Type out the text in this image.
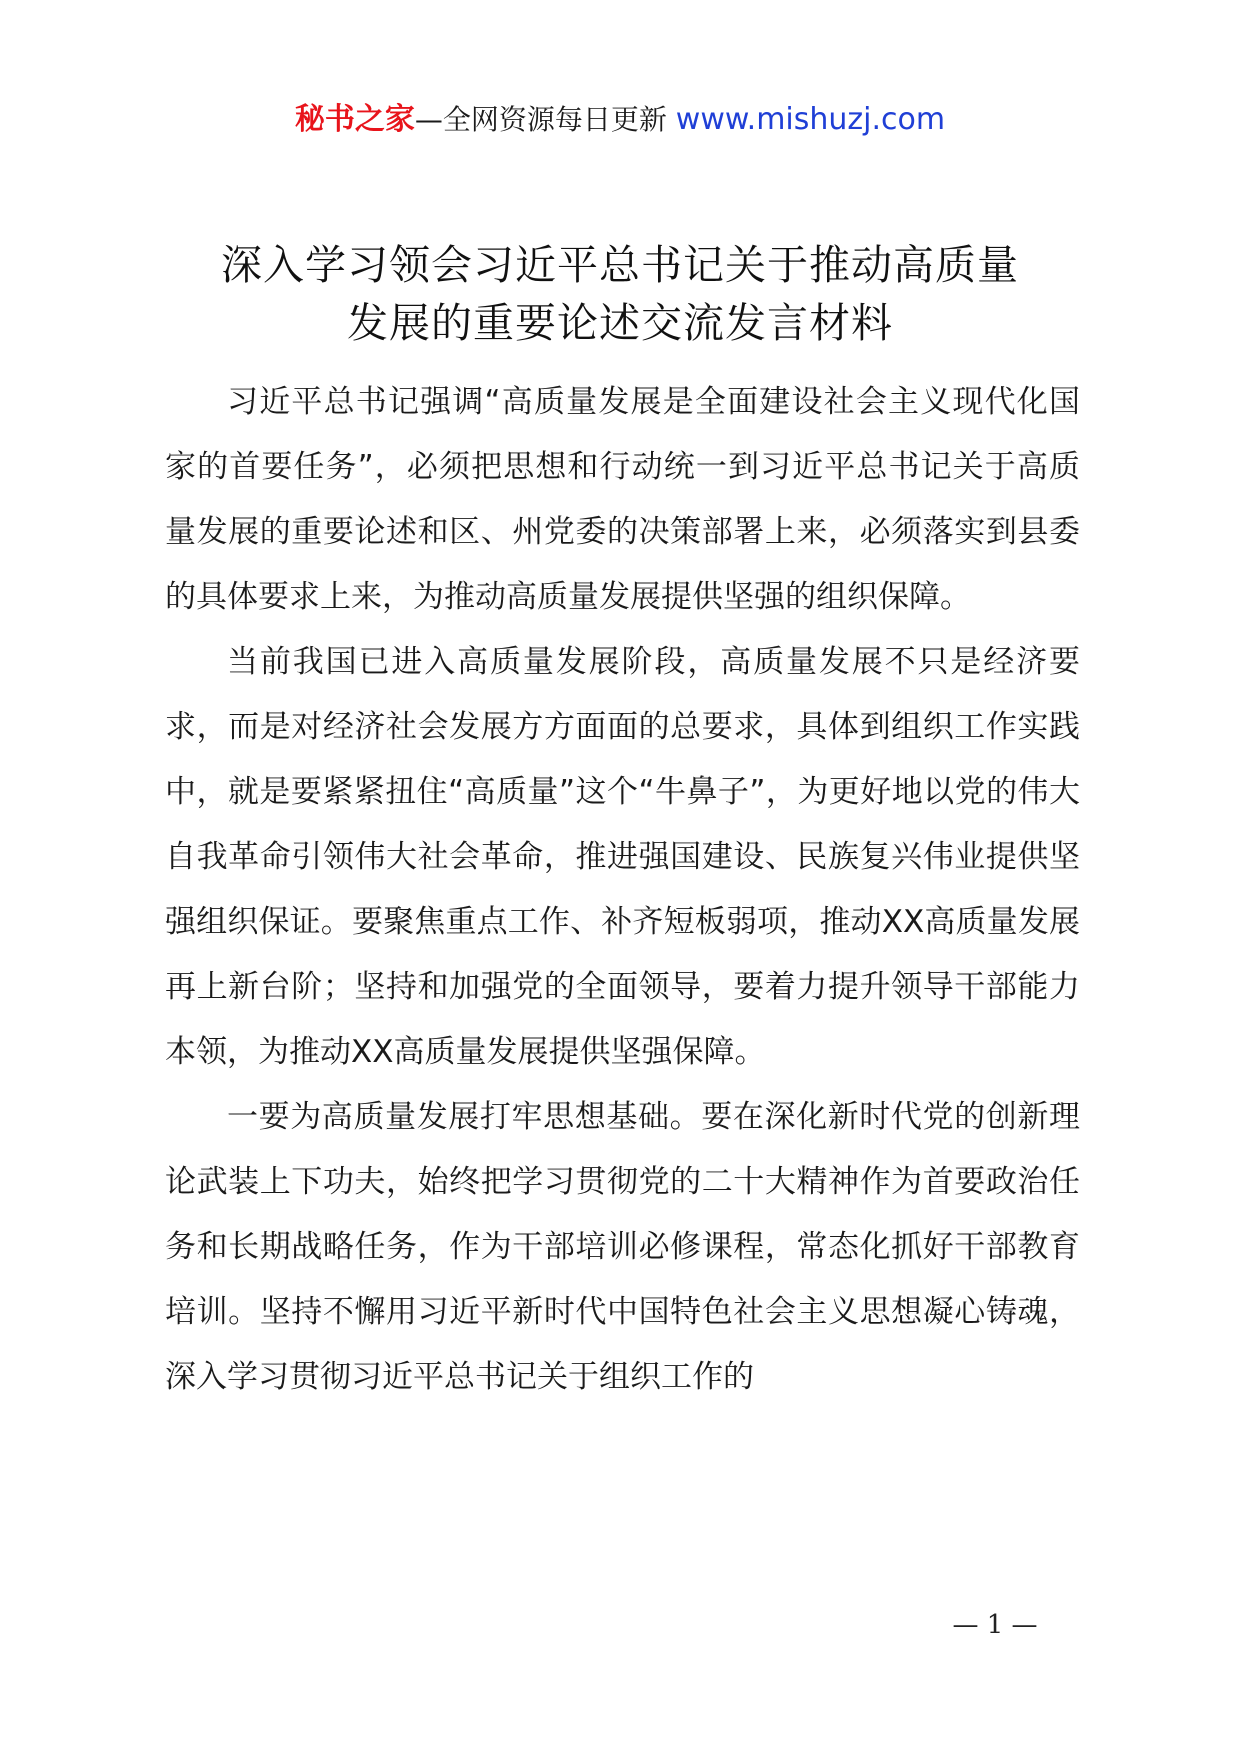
秘书之家—全网资源每日更新 www.mishuzj.com
深入学习领会习近平总书记关于推动高质量
发展的重要论述交流发言材料

习近平总书记强调“高质量发展是全面建设社会主义现代化国家的首要任务”，必须把思想和行动统一到习近平总书记关于高质量发展的重要论述和区、州党委的决策部署上来，必须落实到县委的具体要求上来，为推动高质量发展提供坚强的组织保障。

当前我国已进入高质量发展阶段，高质量发展不只是经济要求，而是对经济社会发展方方面面的总要求，具体到组织工作实践中，就是要紧紧扭住“高质量”这个“牛鼻子”，为更好地以党的伟大自我革命引领伟大社会革命，推进强国建设、民族复兴伟业提供坚强组织保证。要聚焦重点工作、补齐短板弱项，推动XX高质量发展再上新台阶；坚持和加强党的全面领导，要着力提升领导干部能力本领，为推动XX高质量发展提供坚强保障。

一要为高质量发展打牢思想基础。要在深化新时代党的创新理论武装上下功夫，始终把学习贯彻党的二十大精神作为首要政治任务和长期战略任务，作为干部培训必修课程，常态化抓好干部教育培训。坚持不懈用习近平新时代中国特色社会主义思想凝心铸魂，深入学习贯彻习近平总书记关于组织工作的

— 1 —
